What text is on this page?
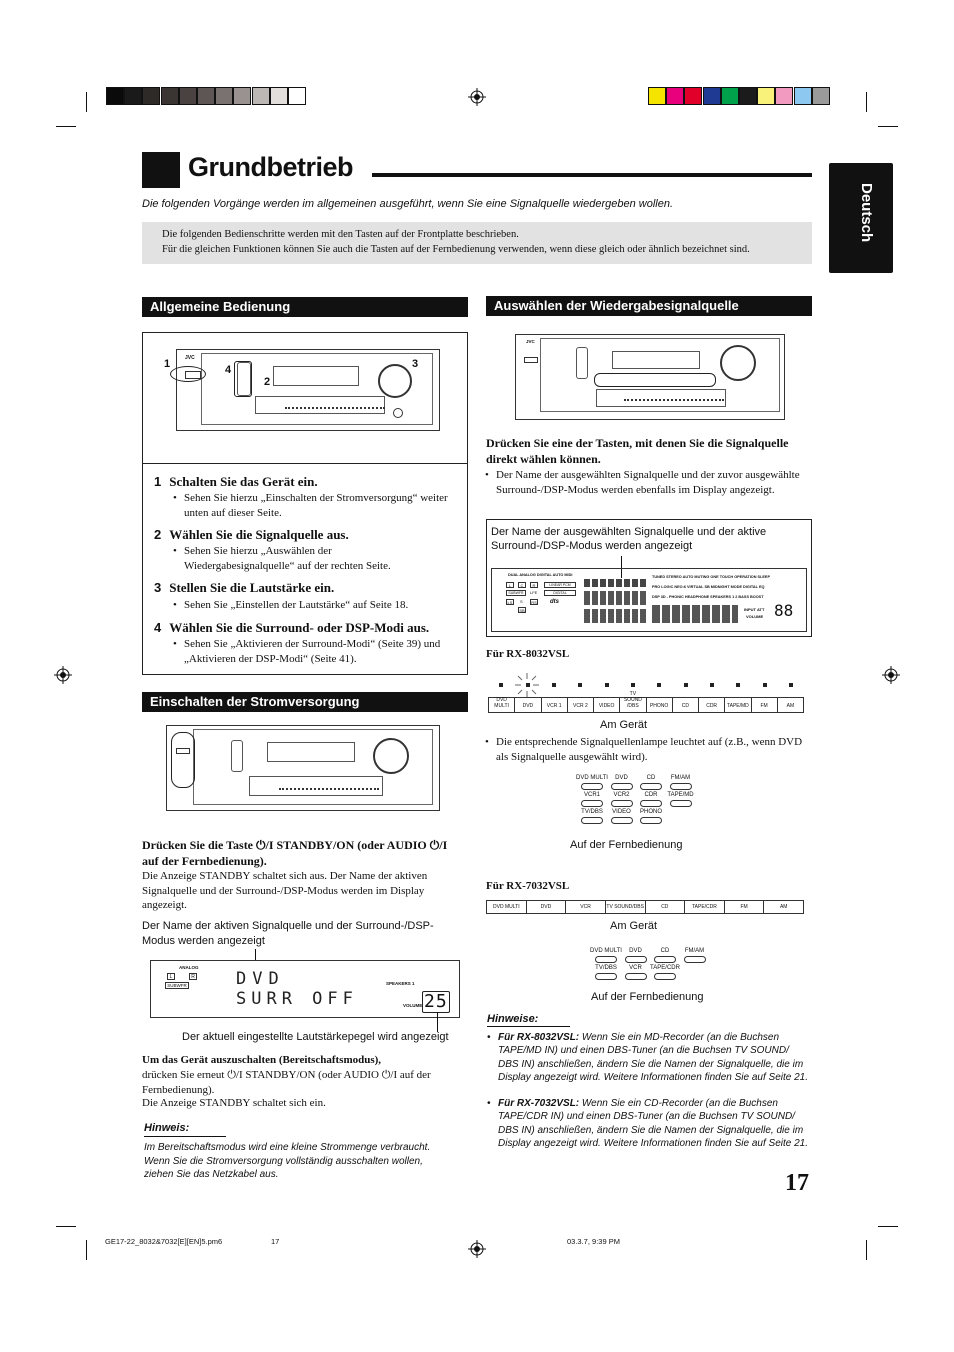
Grundbetrieb
Die folgenden Vorgänge werden im allgemeinen ausgeführt, wenn Sie eine Signalquelle wiedergeben wollen.
Die folgenden Bedienschritte werden mit den Tasten auf der Frontplatte beschrieben.
Für die gleichen Funktionen können Sie auch die Tasten auf der Fernbedienung verwenden, wenn diese gleich oder ähnlich bezeichnet sind.
Deutsch
Allgemeine Bedienung
JVC
1	4
2
3
1 Schalten Sie das Gerät ein.
• Sehen Sie hierzu „Einschalten der Stromversorgung“ weiter unten auf dieser Seite.
2 Wählen Sie die Signalquelle aus.
• Sehen Sie hierzu „Auswählen der Wiedergabesignalquelle“ auf der rechten Seite.
3 Stellen Sie die Lautstärke ein.
• Sehen Sie „Einstellen der Lautstärke“ auf Seite 18.
4 Wählen Sie die Surround- oder DSP-Modi aus.
• Sehen Sie „Aktivieren der Surround-Modi“ (Seite 39) und „Aktivieren der DSP-Modi“ (Seite 41).
Einschalten der Stromversorgung
Drücken Sie die Taste ⏻/I STANDBY/ON (oder AUDIO ⏻/I
auf der Fernbedienung).
Die Anzeige STANDBY schaltet sich aus. Der Name der aktiven Signalquelle und der Surround-/DSP-Modus werden im Display angezeigt.
Der Name der aktiven Signalquelle und der Surround-/DSP-Modus werden angezeigt
ANALOG
L	R
SUBWFR	DVD
SURR OFF
SPEAKERS 1
VOLUME 25
Der aktuell eingestellte Lautstärkepegel wird angezeigt
Um das Gerät auszuschalten (Bereitschaftsmodus),
drücken Sie erneut ⏻/I STANDBY/ON (oder AUDIO ⏻/I auf der Fernbedienung).
Die Anzeige STANDBY schaltet sich ein.
Hinweis:
Im Bereitschaftsmodus wird eine kleine Strommenge verbraucht. Wenn Sie die Stromversorgung vollständig ausschalten wollen, ziehen Sie das Netzkabel aus.
Auswählen der Wiedergabesignalquelle
JVC
Drücken Sie eine der Tasten, mit denen Sie die Signalquelle direkt wählen können.
• Der Name der ausgewählten Signalquelle und der zuvor ausgewählte Surround-/DSP-Modus werden ebenfalls im Display angezeigt.
Der Name der ausgewählten Signalquelle und der aktive Surround-/DSP-Modus werden angezeigt
DUAL ANALOG DIGITAL AUTO MIDI	TUNED STEREO AUTO MUTING ONE TOUCH OPERATION SLEEP
PRO LOGIC NEO:6 VIRTUAL SB MIDNIGHT MODE DIGITAL EQ
DSP 3D - PHONIC HEADPHONE SPEAKERS 1 2 BASS BOOST
L	C	R
SUBWFR	LFE
LS	S	RS
SB
LINEAR PCM
DIGITAL
dts
INPUT ATT
VOLUME 88
Für RX-8032VSL
DVD MULTI	DVD	VCR 1	VCR 2	VIDEO
TV SOUND /DBS	PHONO	CD	CDR	TAPE/MD	FM	AM
Am Gerät
• Die entsprechende Signalquellenlampe leuchtet auf (z.B., wenn DVD als Signalquelle ausgewählt wird).
DVD MULTI	DVD	CD	FM/AM
VCR1	VCR2	CDR	TAPE/MD
TV/DBS	VIDEO	PHONO
Auf der Fernbedienung
Für RX-7032VSL
DVD MULTI	DVD	VCR	TV SOUND/DBS	CD	TAPE/CDR	FM	AM
Am Gerät
DVD MULTI	DVD	CD	FM/AM
TV/DBS	VCR	TAPE/CDR
Auf der Fernbedienung
Hinweise:
• Für RX-8032VSL: Wenn Sie ein MD-Recorder (an die Buchsen TAPE/MD IN) und einen DBS-Tuner (an die Buchsen TV SOUND/ DBS IN) anschließen, ändern Sie die Namen der Signalquelle, die im Display angezeigt wird. Weitere Informationen finden Sie auf Seite 21.
• Für RX-7032VSL: Wenn Sie ein CD-Recorder (an die Buchsen TAPE/CDR IN) und einen DBS-Tuner (an die Buchsen TV SOUND/ DBS IN) anschließen, ändern Sie die Namen der Signalquelle, die im Display angezeigt wird. Weitere Informationen finden Sie auf Seite 21.
17
GE17-22_8032&7032[E][EN]5.pm6	17	03.3.7, 9:39 PM
